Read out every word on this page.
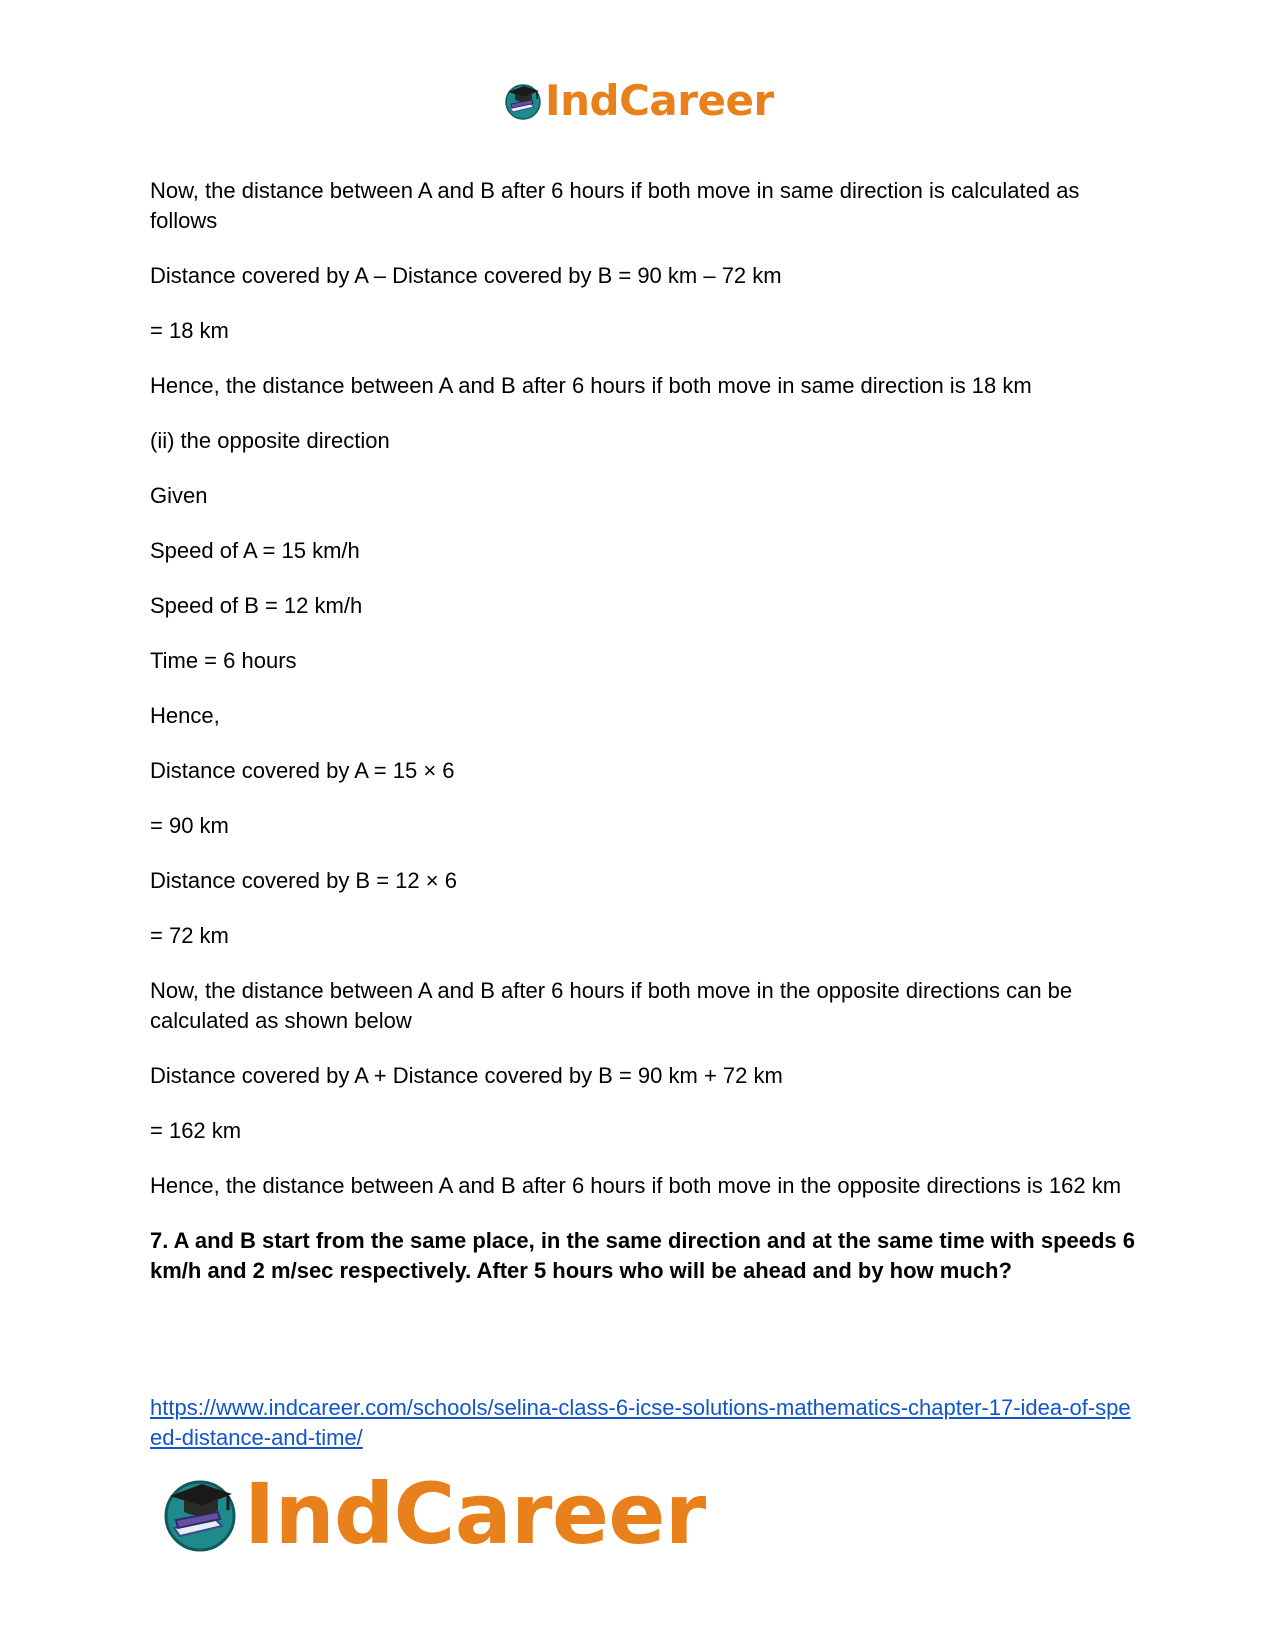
IndCareer

Now, the distance between A and B after 6 hours if both move in same direction is calculated as follows

Distance covered by A – Distance covered by B = 90 km – 72 km

= 18 km

Hence, the distance between A and B after 6 hours if both move in same direction is 18 km

(ii) the opposite direction

Given

Speed of A = 15 km/h

Speed of B = 12 km/h

Time = 6 hours

Hence,

Distance covered by A = 15 × 6

= 90 km

Distance covered by B = 12 × 6

= 72 km

Now, the distance between A and B after 6 hours if both move in the opposite directions can be calculated as shown below

Distance covered by A + Distance covered by B = 90 km + 72 km

= 162 km

Hence, the distance between A and B after 6 hours if both move in the opposite directions is 162 km

7. A and B start from the same place, in the same direction and at the same time with speeds 6 km/h and 2 m/sec respectively. After 5 hours who will be ahead and by how much?

https://www.indcareer.com/schools/selina-class-6-icse-solutions-mathematics-chapter-17-idea-of-speed-distance-and-time/
IndCareer
